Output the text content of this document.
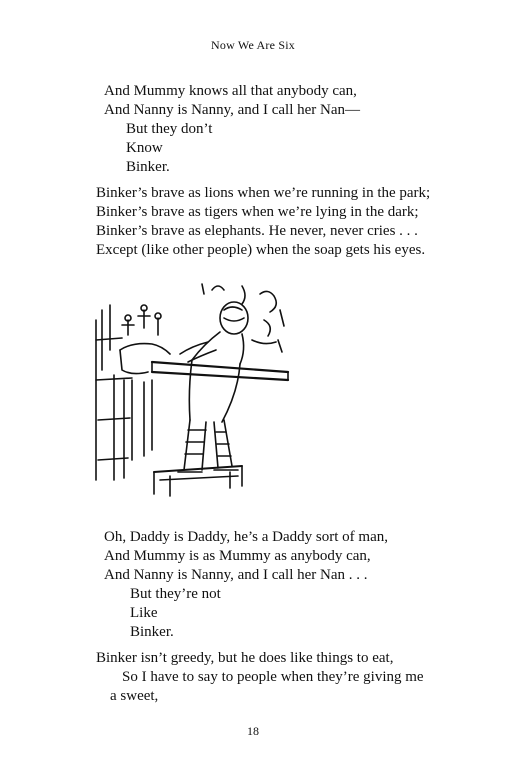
Now We Are Six
And Mummy knows all that anybody can,
And Nanny is Nanny, and I call her Nan—
But they don’t
Know
Binker.
Binker’s brave as lions when we’re running in the park;
Binker’s brave as tigers when we’re lying in the dark;
Binker’s brave as elephants. He never, never cries . . .
Except (like other people) when the soap gets his eyes.
Oh, Daddy is Daddy, he’s a Daddy sort of man,
And Mummy is as Mummy as anybody can,
And Nanny is Nanny, and I call her Nan . . .
But they’re not
Like
Binker.
Binker isn’t greedy, but he does like things to eat,
So I have to say to people when they’re giving me
a sweet,
18
